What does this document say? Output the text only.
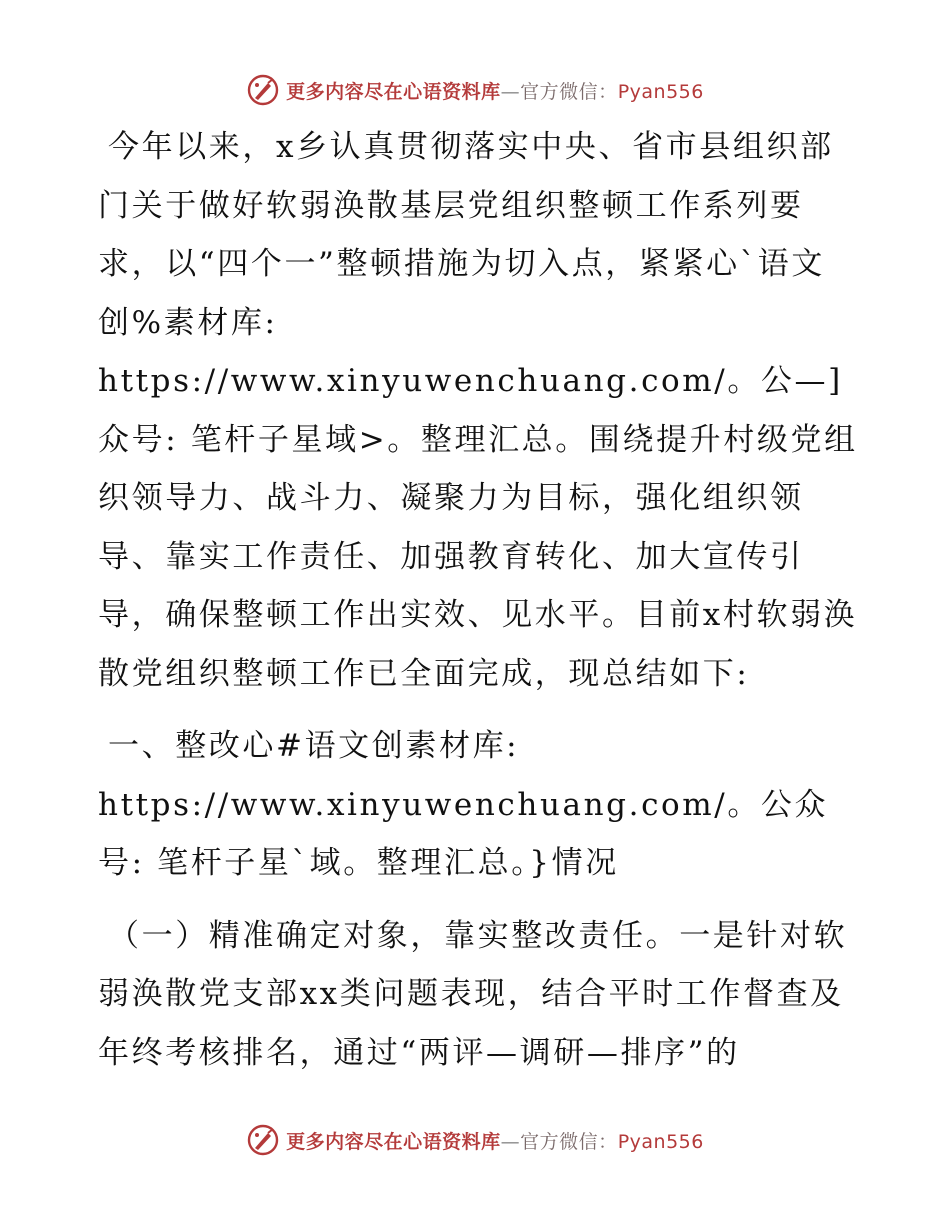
更多内容尽在心语资料库—官方微信：Pyan556

今年以来，x乡认真贯彻落实中央、省市县组织部门关于做好软弱涣散基层党组织整顿工作系列要求，以“四个一”整顿措施为切入点，紧紧心`语文创%素材库: https://www.xinyuwenchuang.com/。公—]众号: 笔杆子星域>。整理汇总。围绕提升村级党组织领导力、战斗力、凝聚力为目标，强化组织领导、靠实工作责任、加强教育转化、加大宣传引导，确保整顿工作出实效、见水平。目前x村软弱涣散党组织整顿工作已全面完成，现总结如下:

一、整改心#语文创素材库: https://www.xinyuwenchuang.com/。公众号: 笔杆子星`域。整理汇总。}情况

（一）精准确定对象，靠实整改责任。一是针对软弱涣散党支部xx类问题表现，结合平时工作督查及年终考核排名，通过“两评—调研—排序”的

更多内容尽在心语资料库—官方微信：Pyan556
